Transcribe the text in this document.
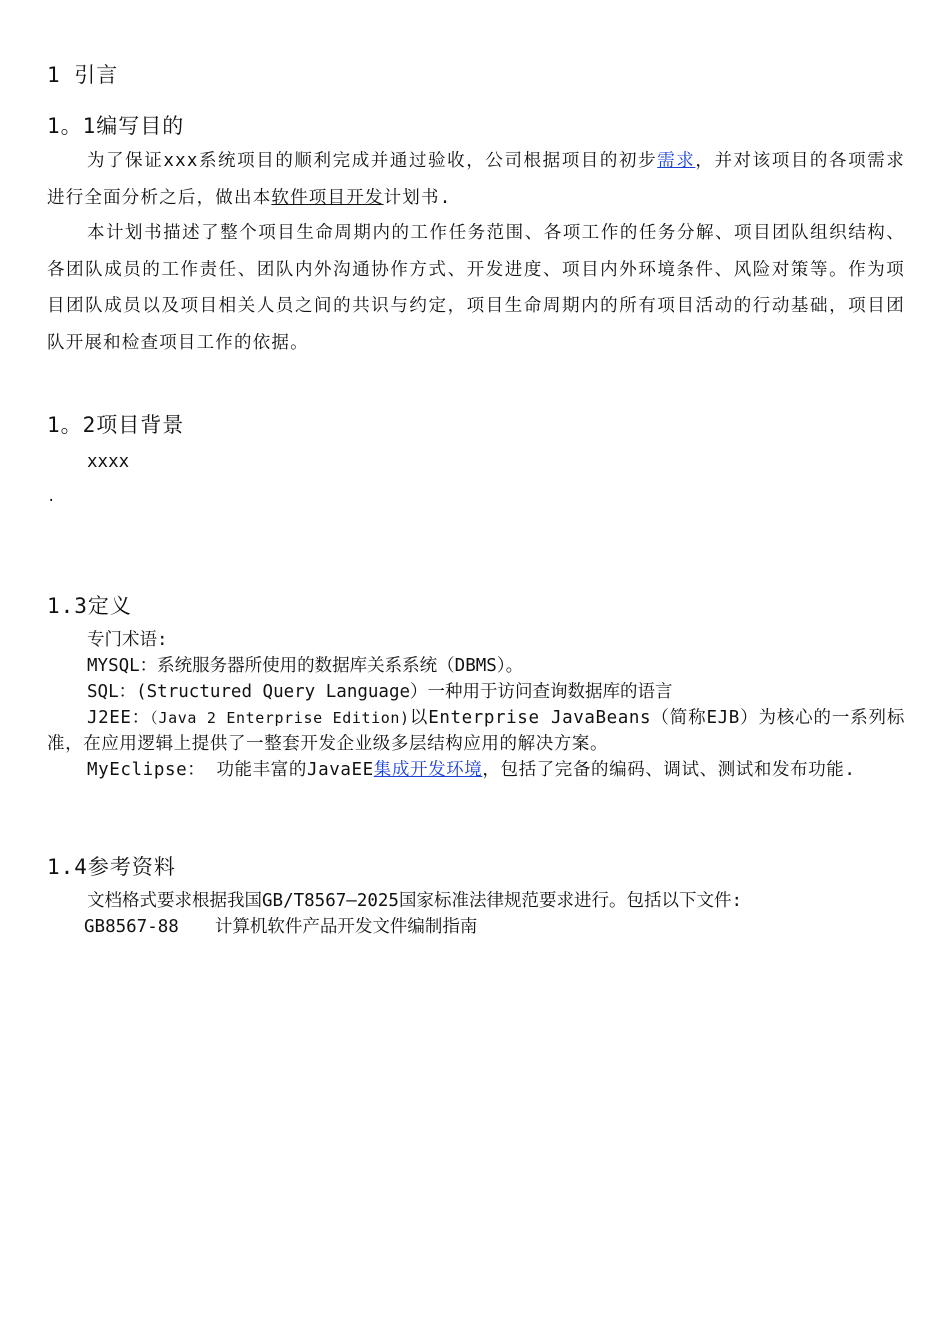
1 引言
1。1编写目的
为了保证xxx系统项目的顺利完成并通过验收，公司根据项目的初步需求，并对该项目的各项需求进行全面分析之后，做出本软件项目开发计划书.
本计划书描述了整个项目生命周期内的工作任务范围、各项工作的任务分解、项目团队组织结构、各团队成员的工作责任、团队内外沟通协作方式、开发进度、项目内外环境条件、风险对策等。作为项目团队成员以及项目相关人员之间的共识与约定，项目生命周期内的所有项目活动的行动基础，项目团队开展和检查项目工作的依据。
1。2项目背景
xxxx
.
1.3定义
专门术语:
MYSQL：系统服务器所使用的数据库关系系统（DBMS）。
SQL：(Structured Query Language）一种用于访问查询数据库的语言
J2EE：（Java 2 Enterprise Edition)以Enterprise JavaBeans（简称EJB）为核心的一系列标准，在应用逻辑上提供了一整套开发企业级多层结构应用的解决方案。
MyEclipse： 功能丰富的JavaEE集成开发环境，包括了完备的编码、调试、测试和发布功能.
1.4参考资料
文档格式要求根据我国GB/T8567—2025国家标准法律规范要求进行。包括以下文件:
GB8567-88 计算机软件产品开发文件编制指南
